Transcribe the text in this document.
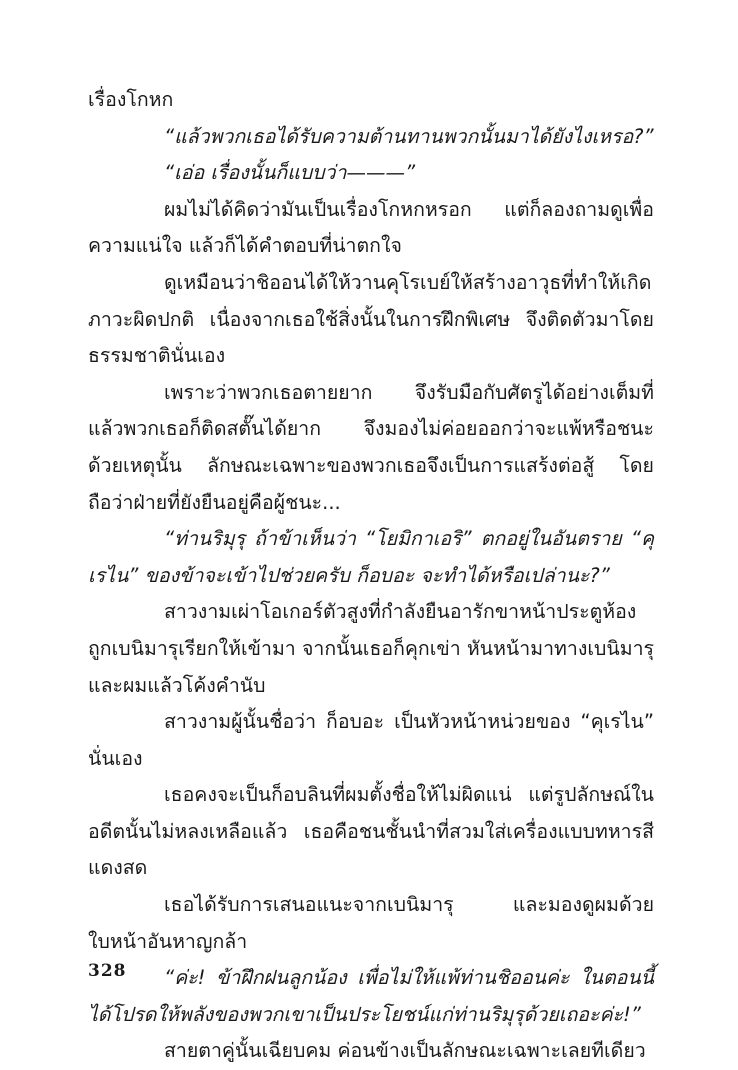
เรื่องโกหก

“แล้วพวกเธอได้รับความต้านทานพวกนั้นมาได้ยังไงเหรอ?”

“เอ่อ เรื่องนั้นก็แบบว่า———”

ผมไม่ได้คิดว่ามันเป็นเรื่องโกหกหรอก แต่ก็ลองถามดูเพื่อความแน่ใจ แล้วก็ได้คำตอบที่น่าตกใจ

ดูเหมือนว่าชิออนได้ให้วานคุโรเบย์ให้สร้างอาวุธที่ทำให้เกิดภาวะผิดปกติ เนื่องจากเธอใช้สิ่งนั้นในการฝึกพิเศษ จึงติดตัวมาโดยธรรมชาตินั่นเอง

เพราะว่าพวกเธอตายยาก จึงรับมือกับศัตรูได้อย่างเต็มที่ แล้วพวกเธอก็ติดสตั๊นได้ยาก จึงมองไม่ค่อยออกว่าจะแพ้หรือชนะ ด้วยเหตุนั้น ลักษณะเฉพาะของพวกเธอจึงเป็นการแสร้งต่อสู้ โดยถือว่าฝ่ายที่ยังยืนอยู่คือผู้ชนะ...

“ท่านริมุรุ ถ้าข้าเห็นว่า “โยมิกาเอริ” ตกอยู่ในอันตราย “คุเรไน” ของข้าจะเข้าไปช่วยครับ ก็อบอะ จะทำได้หรือเปล่านะ?”

สาวงามเผ่าโอเกอร์ตัวสูงที่กำลังยืนอารักขาหน้าประตูห้องถูกเบนิมารุเรียกให้เข้ามา จากนั้นเธอก็คุกเข่า หันหน้ามาทางเบนิมารุและผมแล้วโค้งคำนับ

สาวงามผู้นั้นชื่อว่า ก็อบอะ เป็นหัวหน้าหน่วยของ “คุเรไน” นั่นเอง

เธอคงจะเป็นก็อบลินที่ผมตั้งชื่อให้ไม่ผิดแน่ แต่รูปลักษณ์ในอดีตนั้นไม่หลงเหลือแล้ว เธอคือชนชั้นนำที่สวมใส่เครื่องแบบทหารสีแดงสด

เธอได้รับการเสนอแนะจากเบนิมารุ และมองดูผมด้วยใบหน้าอันหาญกล้า

“ค่ะ! ข้าฝึกฝนลูกน้อง เพื่อไม่ให้แพ้ท่านชิออนค่ะ ในตอนนี้ได้โปรดให้พลังของพวกเขาเป็นประโยชน์แก่ท่านริมุรุด้วยเถอะค่ะ!”

สายตาคู่นั้นเฉียบคม ค่อนข้างเป็นลักษณะเฉพาะเลยทีเดียว

328
